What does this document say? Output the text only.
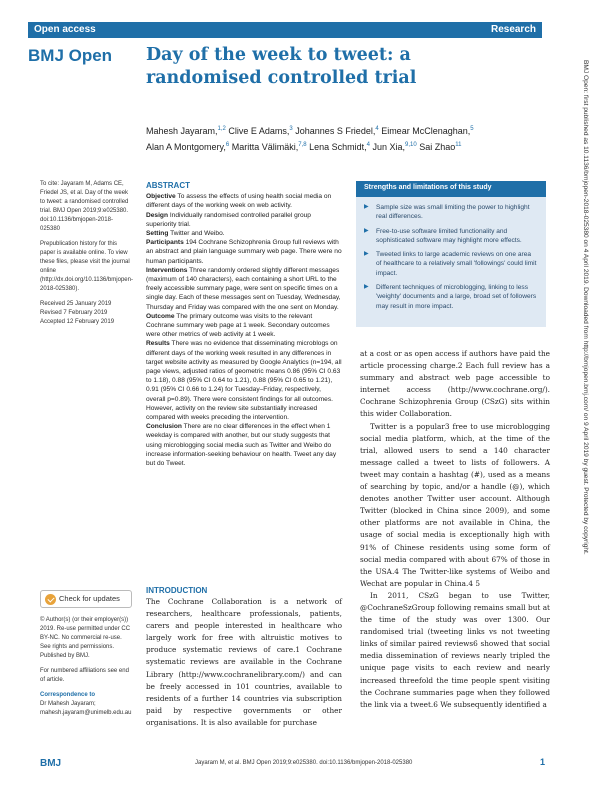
Open access	Research
BMJ Open Day of the week to tweet: a randomised controlled trial
Mahesh Jayaram,$^{1,2}$ Clive E Adams,$^3$ Johannes S Friedel,$^4$ Eimear McClenaghan,$^5$
Alan A Montgomery,$^6$ Maritta Välimäki,$^{7,8}$ Lena Schmidt,$^4$ Jun Xia,$^{9,10}$ Sai Zhao$^{11}$
To cite: Jayaram M, Adams CE, Friedel JS, et al. Day of the week to tweet: a randomised controlled trial. BMJ Open 2019;9:e025380. doi:10.1136/bmjopen-2018-025380
Prepublication history for this paper is available online. To view these files, please visit the journal online (http://dx.doi.org/10.1136/bmjopen-2018-025380).
Received 25 January 2019
Revised 7 February 2019
Accepted 12 February 2019
Check for updates
© Author(s) (or their employer(s)) 2019. Re-use permitted under CC BY-NC. No commercial re-use. See rights and permissions. Published by BMJ.
For numbered affiliations see end of article.
Correspondence to
Dr Mahesh Jayaram; mahesh.jayaram@unimelb.edu.au
ABSTRACT

Objective To assess the effects of using health social media on different days of the working week on web activity.

Design Individually randomised controlled parallel group superiority trial.

Setting Twitter and Weibo.

Participants 194 Cochrane Schizophrenia Group full reviews with an abstract and plain language summary web page. There were no human participants.

Interventions Three randomly ordered slightly different messages (maximum of 140 characters), each containing a short URL to the freely accessible summary page, were sent on specific times on a single day. Each of these messages sent on Tuesday, Wednesday, Thursday and Friday was compared with the one sent on Monday.

Outcome The primary outcome was visits to the relevant Cochrane summary web page at 1 week. Secondary outcomes were other metrics of web activity at 1 week.

Results There was no evidence that disseminating microblogs on different days of the working week resulted in any differences in target website activity as measured by Google Analytics (n=194, all page views, adjusted ratios of geometric means 0.86 (95% CI 0.63 to 1.18), 0.88 (95% CI 0.64 to 1.21), 0.88 (95% CI 0.65 to 1.21), 0.91 (95% CI 0.66 to 1.24) for Tuesday–Friday, respectively, overall p=0.89). There were consistent findings for all outcomes. However, activity on the review site substantially increased compared with weeks preceding the intervention.

Conclusion There are no clear differences in the effect when 1 weekday is compared with another, but our study suggests that using microblogging social media such as Twitter and Weibo do increase information-seeking behaviour on health. Tweet any day but do Tweet.

Strengths and limitations of this study
▶ Sample size was small limiting the power to highlight real differences.
▶ Free-to-use software limited functionality and sophisticated software may highlight more effects.
▶ Tweeted links to large academic reviews on one area of healthcare to a relatively small 'followings' could limit impact.
▶ Different techniques of microblogging, linking to less 'weighty' documents and a large, broad set of followers may result in more impact.

at a cost or as open access if authors have paid the article processing charge.2 Each full review has a summary and abstract web page accessible to internet access (http://www.cochrane.org/). Cochrane Schizophrenia Group (CSzG) sits within this wider Collaboration.

Twitter is a popular3 free to use microblogging social media platform, which, at the time of the trial, allowed users to send a 140 character message called a tweet to lists of followers. A tweet may contain a hashtag (#), used as a means of searching by topic, and/or a handle (@), which denotes another Twitter user account. Although Twitter (blocked in China since 2009), and some other platforms are not available in China, the usage of social media is exceptionally high with 91% of Chinese residents using some form of social media compared with about 67% of those in the USA.4 The Twitter-like systems of Weibo and Wechat are popular in China.4 5

In 2011, CSzG began to use Twitter, @CochraneSzGroup following remains small but at the time of the study was over 1300. Our randomised trial (tweeting links vs not tweeting links of similar paired reviews6 showed that social media dissemination of reviews nearly tripled the unique page visits to each review and nearly increased threefold the time people spent visiting the Cochrane summaries page when they followed the link via a tweet.6 We subsequently identified a

INTRODUCTION

The Cochrane Collaboration is a network of researchers, healthcare professionals, patients, carers and people interested in healthcare who largely work for free with altruistic motives to produce systematic reviews of care.1 Cochrane systematic reviews are available in the Cochrane Library (http://www.cochranelibrary.com/) and can be freely accessed in 101 countries, available to residents of a further 14 countries via subscription paid by respective governments or other organisations. It is also available for purchase

BMJ Open: first published as 10.1136/bmjopen-2018-025380 on 4 April 2019. Downloaded from http://bmjopen.bmj.com/ on 9 April 2019 by guest. Protected by copyright.
BMJ	Jayaram M, et al. BMJ Open 2019;9:e025380. doi:10.1136/bmjopen-2018-025380	1
